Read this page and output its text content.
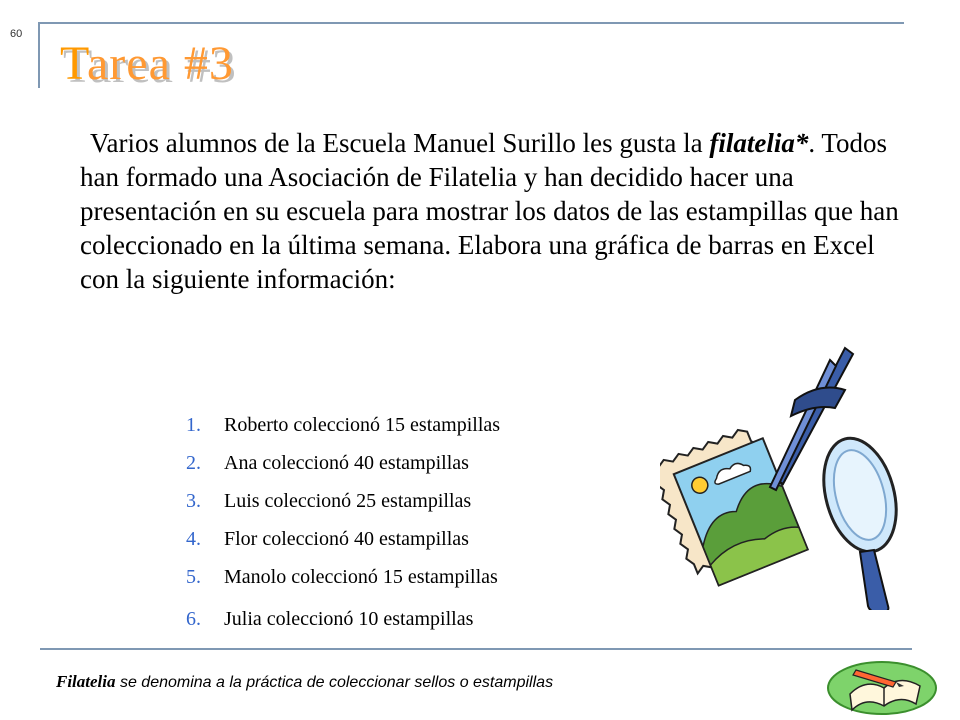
60
Tarea #3
Varios alumnos de la Escuela Manuel Surillo les gusta la filatelia*. Todos han formado una Asociación de Filatelia y han decidido hacer una presentación en su escuela para mostrar los datos de las estampillas que han coleccionado en la última semana. Elabora una gráfica de barras en Excel con la siguiente información:
1. Roberto coleccionó 15 estampillas
2. Ana coleccionó 40 estampillas
3. Luis coleccionó 25 estampillas
4. Flor coleccionó 40 estampillas
5. Manolo coleccionó 15 estampillas
6. Julia coleccionó 10 estampillas
Filatelia se denomina a la práctica de coleccionar sellos o estampillas
